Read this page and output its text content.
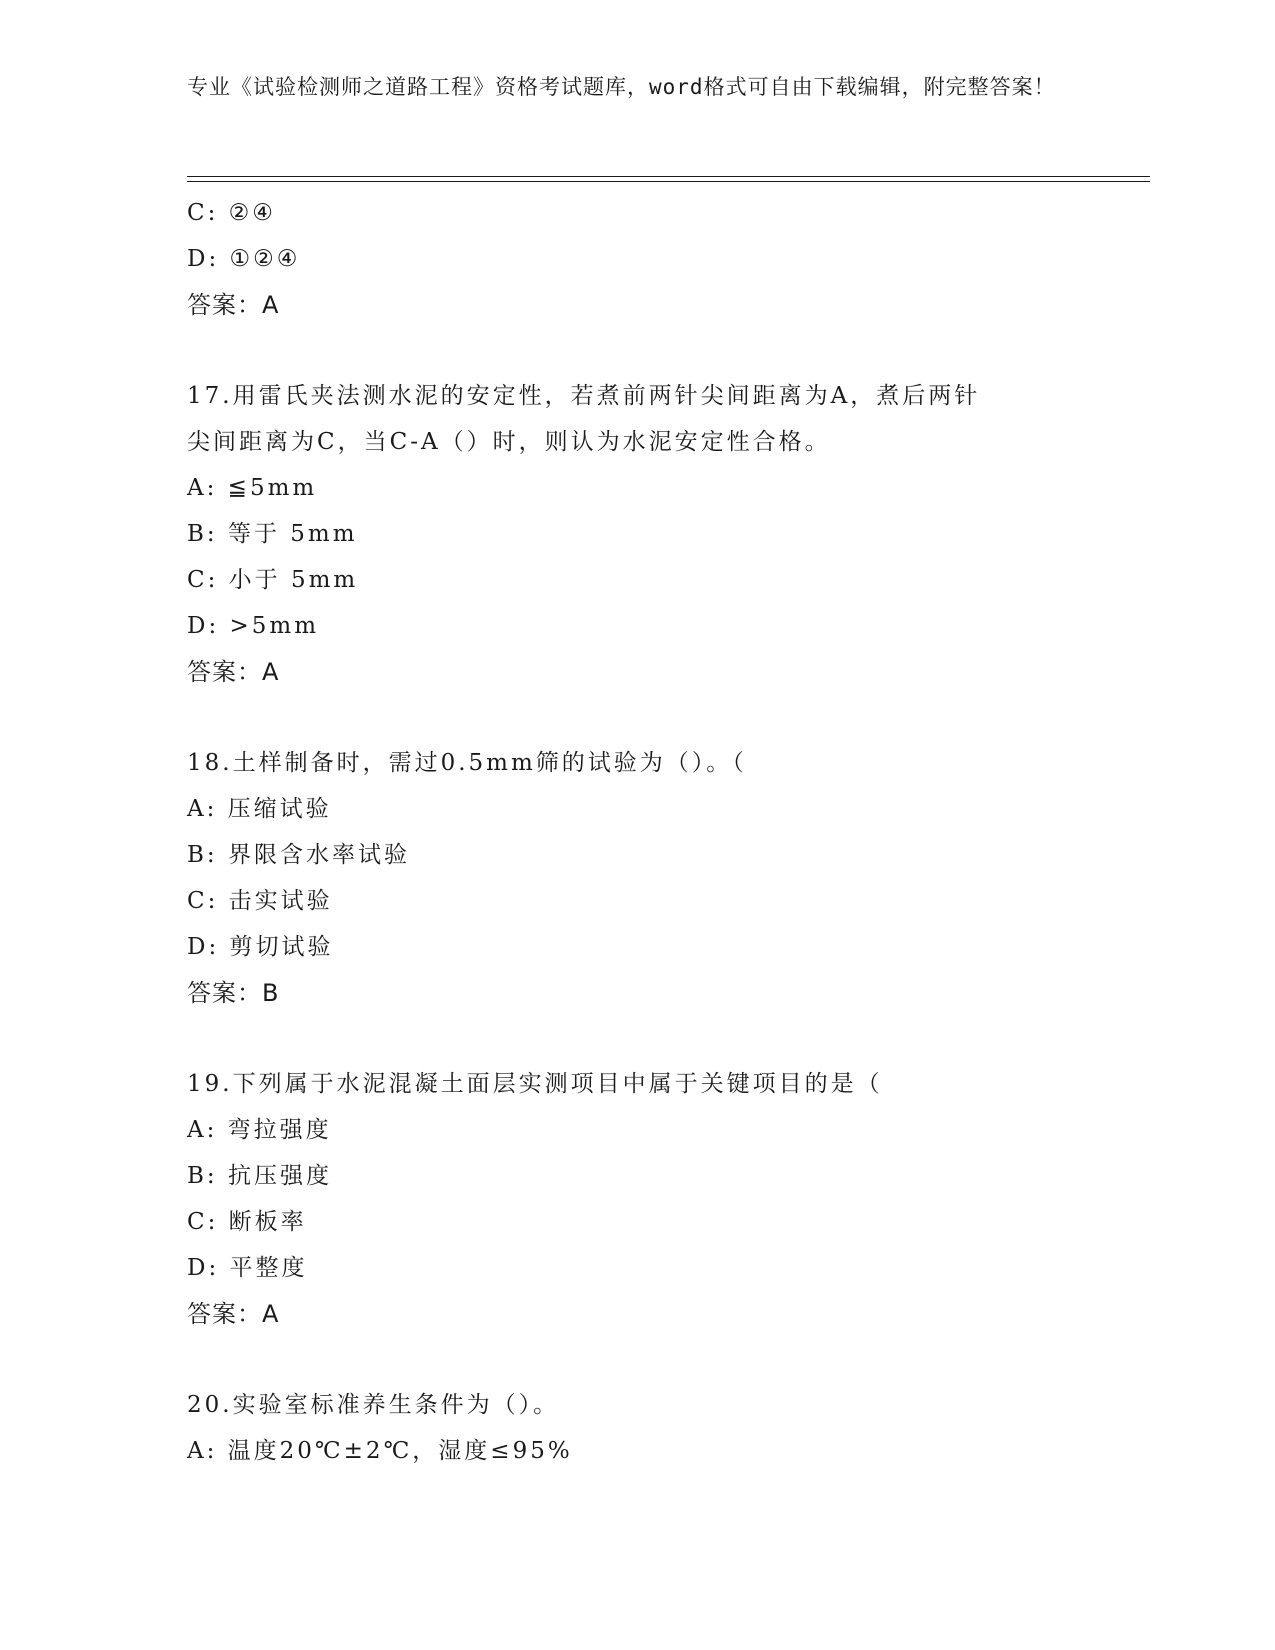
专业《试验检测师之道路工程》资格考试题库，word格式可自由下载编辑，附完整答案！
C: ②④
D: ①②④
答案：A
17.用雷氏夹法测水泥的安定性，若煮前两针尖间距离为A，煮后两针
尖间距离为C，当C-A（）时，则认为水泥安定性合格。
A: ≦5mm
B: 等于 5mm
C: 小于 5mm
D: >5mm
答案：A
18.土样制备时，需过0.5mm筛的试验为（）。（
A: 压缩试验
B: 界限含水率试验
C: 击实试验
D: 剪切试验
答案：B
19.下列属于水泥混凝土面层实测项目中属于关键项目的是（
A: 弯拉强度
B: 抗压强度
C: 断板率
D: 平整度
答案：A
20.实验室标准养生条件为（）。
A: 温度20℃±2℃，湿度≤95%
